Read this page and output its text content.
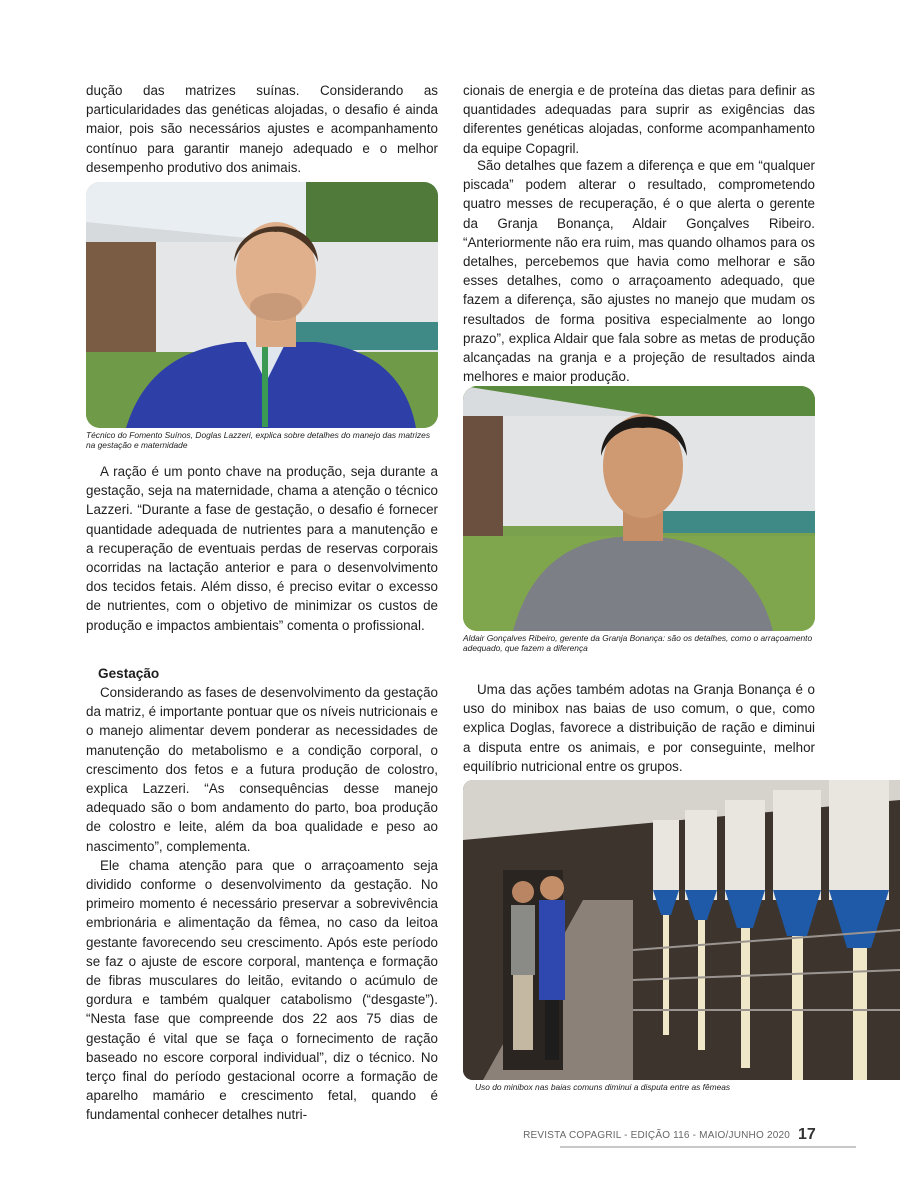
dução das matrizes suínas. Considerando as particularidades das genéticas alojadas, o desafio é ainda maior, pois são necessários ajustes e acompanhamento contínuo para garantir manejo adequado e o melhor desempenho produtivo dos animais.

Técnico do Fomento Suínos, Doglas Lazzeri, explica sobre detalhes do manejo das matrizes na gestação e maternidade

A ração é um ponto chave na produção, seja durante a gestação, seja na maternidade, chama a atenção o técnico Lazzeri. “Durante a fase de gestação, o desafio é fornecer quantidade adequada de nutrientes para a manutenção e a recuperação de eventuais perdas de reservas corporais ocorridas na lactação anterior e para o desenvolvimento dos tecidos fetais. Além disso, é preciso evitar o excesso de nutrientes, com o objetivo de minimizar os custos de produção e impactos ambientais” comenta o profissional.

Gestação

Considerando as fases de desenvolvimento da gestação da matriz, é importante pontuar que os níveis nutricionais e o manejo alimentar devem ponderar as necessidades de manutenção do metabolismo e a condição corporal, o crescimento dos fetos e a futura produção de colostro, explica Lazzeri. “As consequências desse manejo adequado são o bom andamento do parto, boa produção de colostro e leite, além da boa qualidade e peso ao nascimento”, complementa.

Ele chama atenção para que o arraçoamento seja dividido conforme o desenvolvimento da gestação. No primeiro momento é necessário preservar a sobrevivência embrionária e alimentação da fêmea, no caso da leitoa gestante favorecendo seu crescimento. Após este período se faz o ajuste de escore corporal, mantença e formação de fibras musculares do leitão, evitando o acúmulo de gordura e também qualquer catabolismo (“desgaste”). “Nesta fase que compreende dos 22 aos 75 dias de gestação é vital que se faça o fornecimento de ração baseado no escore corporal individual”, diz o técnico. No terço final do período gestacional ocorre a formação de aparelho mamário e crescimento fetal, quando é fundamental conhecer detalhes nutri-

cionais de energia e de proteína das dietas para definir as quantidades adequadas para suprir as exigências das diferentes genéticas alojadas, conforme acompanhamento da equipe Copagril.

São detalhes que fazem a diferença e que em “qualquer piscada” podem alterar o resultado, comprometendo quatro messes de recuperação, é o que alerta o gerente da Granja Bonança, Aldair Gonçalves Ribeiro. “Anteriormente não era ruim, mas quando olhamos para os detalhes, percebemos que havia como melhorar e são esses detalhes, como o arraçoamento adequado, que fazem a diferença, são ajustes no manejo que mudam os resultados de forma positiva especialmente ao longo prazo”, explica Aldair que fala sobre as metas de produção alcançadas na granja e a projeção de resultados ainda melhores e maior produção.

Aldair Gonçalves Ribeiro, gerente da Granja Bonança: são os detalhes, como o arraçoamento adequado, que fazem a diferença

Uma das ações também adotas na Granja Bonança é o uso do minibox nas baias de uso comum, o que, como explica Doglas, favorece a distribuição de ração e diminui a disputa entre os animais, e por conseguinte, melhor equilíbrio nutricional entre os grupos.

Uso do minibox nas baias comuns diminui a disputa entre as fêmeas

REVISTA COPAGRIL - EDIÇÃO 116 - MAIO/JUNHO 2020 17
